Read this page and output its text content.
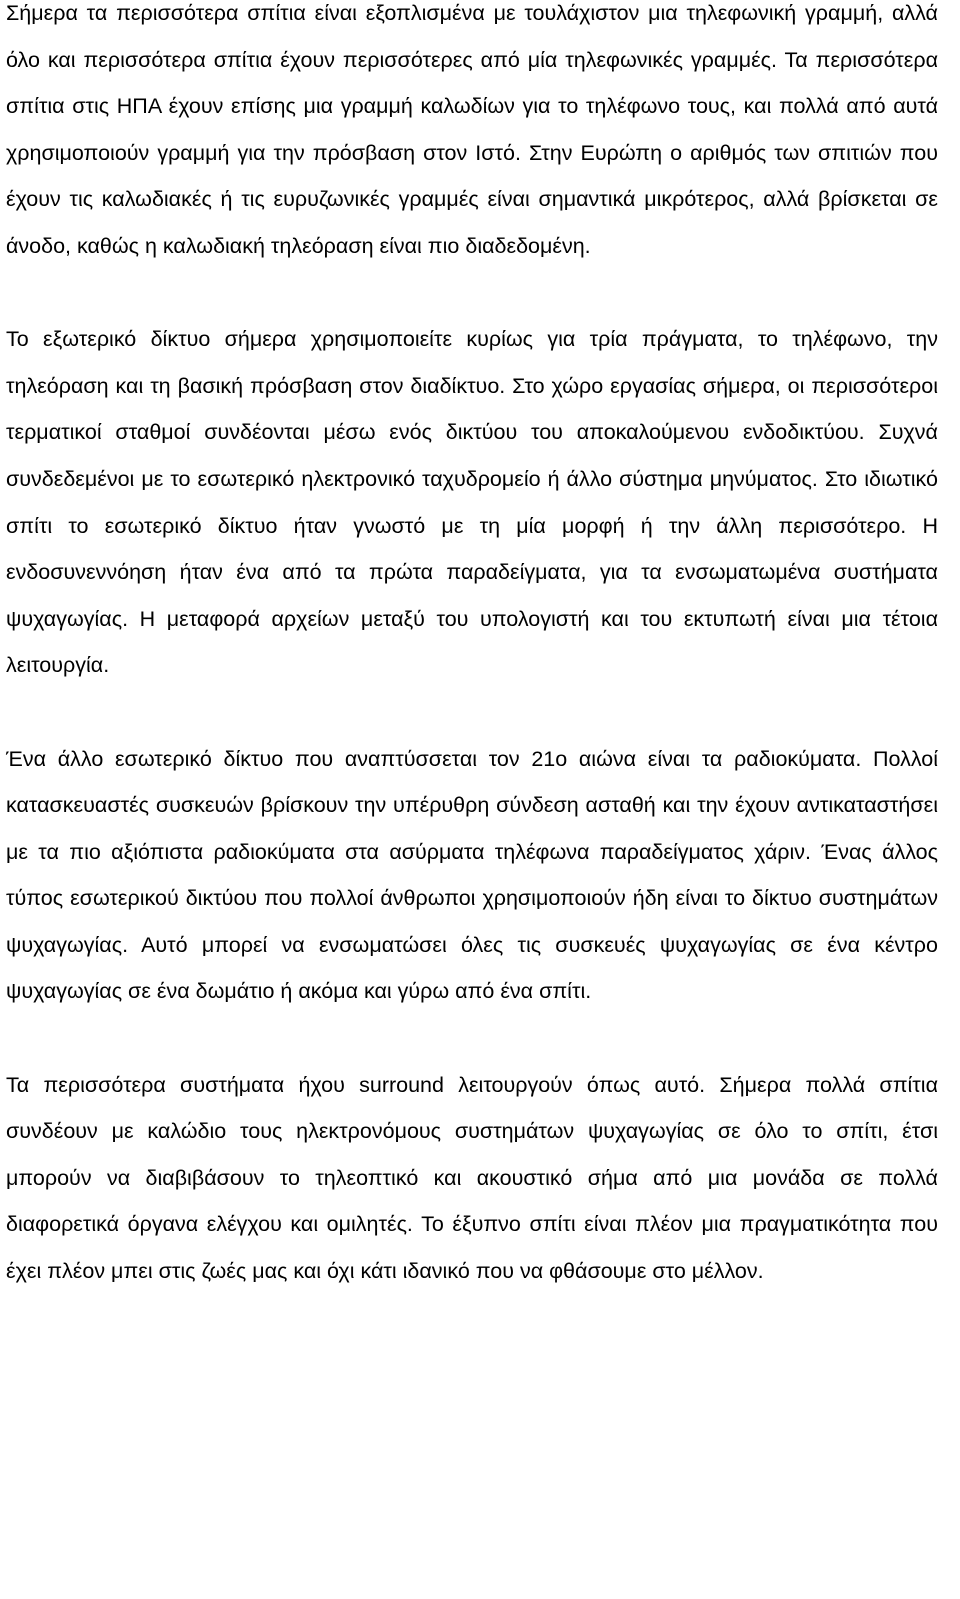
Σήμερα τα περισσότερα σπίτια είναι εξοπλισμένα με τουλάχιστον μια τηλεφωνική γραμμή, αλλά όλο και περισσότερα σπίτια έχουν περισσότερες από μία τηλεφωνικές γραμμές. Τα περισσότερα σπίτια στις ΗΠΑ έχουν επίσης μια γραμμή καλωδίων για το τηλέφωνο τους, και πολλά από αυτά χρησιμοποιούν γραμμή για την πρόσβαση στον Ιστό. Στην Ευρώπη ο αριθμός των σπιτιών που έχουν τις καλωδιακές ή τις ευρυζωνικές γραμμές είναι σημαντικά μικρότερος, αλλά βρίσκεται σε άνοδο, καθώς η καλωδιακή τηλεόραση είναι πιο διαδεδομένη.

Το εξωτερικό δίκτυο σήμερα χρησιμοποιείτε κυρίως για τρία πράγματα, το τηλέφωνο, την τηλεόραση και τη βασική πρόσβαση στον διαδίκτυο. Στο χώρο εργασίας σήμερα, οι περισσότεροι τερματικοί σταθμοί συνδέονται μέσω ενός δικτύου του αποκαλούμενου ενδοδικτύου. Συχνά συνδεδεμένοι με το εσωτερικό ηλεκτρονικό ταχυδρομείο ή άλλο σύστημα μηνύματος. Στο ιδιωτικό σπίτι το εσωτερικό δίκτυο ήταν γνωστό με τη μία μορφή ή την άλλη περισσότερο. Η ενδοσυνεννόηση ήταν ένα από τα πρώτα παραδείγματα, για τα ενσωματωμένα συστήματα ψυχαγωγίας. Η μεταφορά αρχείων μεταξύ του υπολογιστή και του εκτυπωτή είναι μια τέτοια λειτουργία.

Ένα άλλο εσωτερικό δίκτυο που αναπτύσσεται τον 21ο αιώνα είναι τα ραδιοκύματα. Πολλοί κατασκευαστές συσκευών βρίσκουν την υπέρυθρη σύνδεση ασταθή και την έχουν αντικαταστήσει με τα πιο αξιόπιστα ραδιοκύματα στα ασύρματα τηλέφωνα παραδείγματος χάριν. Ένας άλλος τύπος εσωτερικού δικτύου που πολλοί άνθρωποι χρησιμοποιούν ήδη είναι το δίκτυο συστημάτων ψυχαγωγίας. Αυτό μπορεί να ενσωματώσει όλες τις συσκευές ψυχαγωγίας σε ένα κέντρο ψυχαγωγίας σε ένα δωμάτιο ή ακόμα και γύρω από ένα σπίτι.

Τα περισσότερα συστήματα ήχου surround λειτουργούν όπως αυτό. Σήμερα πολλά σπίτια συνδέουν με καλώδιο τους ηλεκτρονόμους συστημάτων ψυχαγωγίας σε όλο το σπίτι, έτσι μπορούν να διαβιβάσουν το τηλεοπτικό και ακουστικό σήμα από μια μονάδα σε πολλά διαφορετικά όργανα ελέγχου και ομιλητές. Το έξυπνο σπίτι είναι πλέον μια πραγματικότητα που έχει πλέον μπει στις ζωές μας και όχι κάτι ιδανικό που να φθάσουμε στο μέλλον.
